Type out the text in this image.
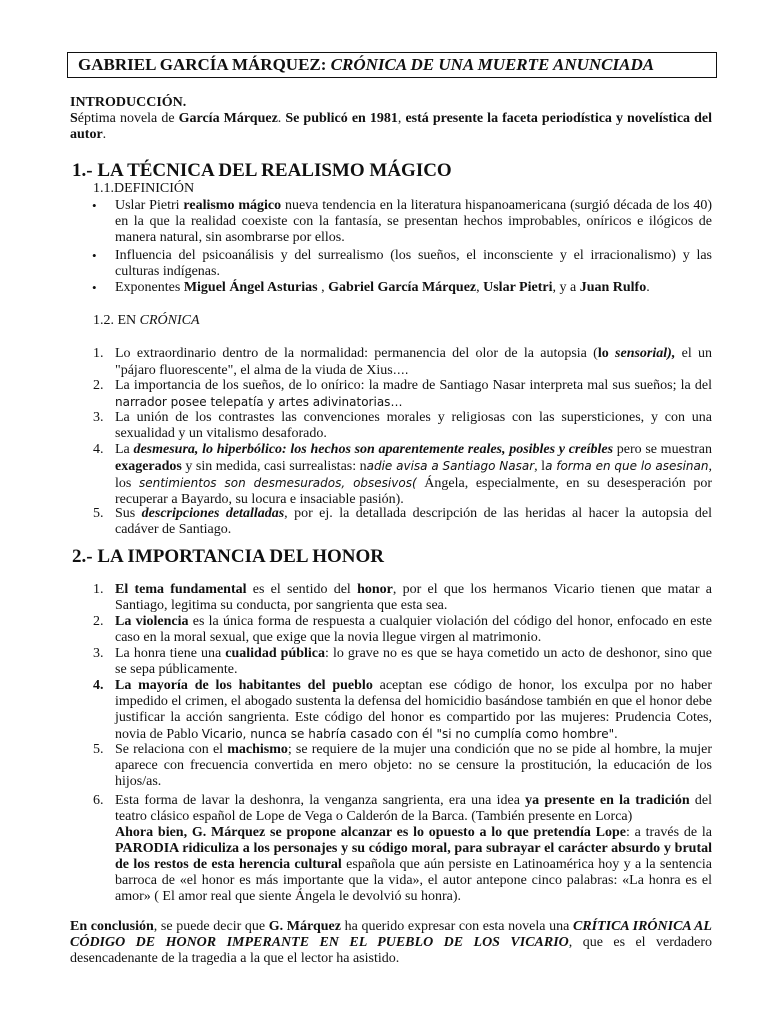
GABRIEL GARCÍA MÁRQUEZ: CRÓNICA DE UNA MUERTE ANUNCIADA
INTRODUCCIÓN.
Séptima novela de García Márquez. Se publicó en 1981, está presente la faceta periodística y novelística del autor.
1.- LA TÉCNICA DEL REALISMO MÁGICO
1.1.DEFINICIÓN
• Uslar Pietri realismo mágico nueva tendencia en la literatura hispanoamericana (surgió década de los 40) en la que la realidad coexiste con la fantasía, se presentan hechos improbables, oníricos e ilógicos de manera natural, sin asombrarse por ellos.
• Influencia del psicoanálisis y del surrealismo (los sueños, el inconsciente y el irracionalismo) y las culturas indígenas.
• Exponentes Miguel Ángel Asturias , Gabriel García Márquez, Uslar Pietri, y a Juan Rulfo.
1.2. EN CRÓNICA
1. Lo extraordinario dentro de la normalidad: permanencia del olor de la autopsia (lo sensorial), el un "pájaro fluorescente", el alma de la viuda de Xius….
2. La importancia de los sueños, de lo onírico: la madre de Santiago Nasar interpreta mal sus sueños; la del narrador posee telepatía y artes adivinatorias…
3. La unión de los contrastes las convenciones morales y religiosas con las supersticiones, y con una sexualidad y un vitalismo desaforado.
4. La desmesura, lo hiperbólico: los hechos son aparentemente reales, posibles y creíbles pero se muestran exagerados y sin medida, casi surrealistas: nadie avisa a Santiago Nasar, la forma en que lo asesinan, los sentimientos son desmesurados, obsesivos( Ángela, especialmente, en su desesperación por recuperar a Bayardo, su locura e insaciable pasión).
5. Sus descripciones detalladas, por ej. la detallada descripción de las heridas al hacer la autopsia del cadáver de Santiago.
2.- LA IMPORTANCIA DEL HONOR
1. El tema fundamental es el sentido del honor, por el que los hermanos Vicario tienen que matar a Santiago, legitima su conducta, por sangrienta que esta sea.
2. La violencia es la única forma de respuesta a cualquier violación del código del honor, enfocado en este caso en la moral sexual, que exige que la novia llegue virgen al matrimonio.
3. La honra tiene una cualidad pública: lo grave no es que se haya cometido un acto de deshonor, sino que se sepa públicamente.
4. La mayoría de los habitantes del pueblo aceptan ese código de honor, los exculpa por no haber impedido el crimen, el abogado sustenta la defensa del homicidio basándose también en que el honor debe justificar la acción sangrienta. Este código del honor es compartido por las mujeres: Prudencia Cotes, novia de Pablo Vicario, nunca se habría casado con él "si no cumplía como hombre".
5. Se relaciona con el machismo; se requiere de la mujer una condición que no se pide al hombre, la mujer aparece con frecuencia convertida en mero objeto: no se censure la prostitución, la educación de los hijos/as.
6. Esta forma de lavar la deshonra, la venganza sangrienta, era una idea ya presente en la tradición del teatro clásico español de Lope de Vega o Calderón de la Barca. (También presente en Lorca)
Ahora bien, G. Márquez se propone alcanzar es lo opuesto a lo que pretendía Lope: a través de la PARODIA ridiculiza a los personajes y su código moral, para subrayar el carácter absurdo y brutal de los restos de esta herencia cultural española que aún persiste en Latinoamérica hoy y a la sentencia barroca de «el honor es más importante que la vida», el autor antepone cinco palabras: «La honra es el amor» ( El amor real que siente Ángela le devolvió su honra).
En conclusión, se puede decir que G. Márquez ha querido expresar con esta novela una CRÍTICA IRÓNICA AL CÓDIGO DE HONOR IMPERANTE EN EL PUEBLO DE LOS VICARIO, que es el verdadero desencadenante de la tragedia a la que el lector ha asistido.
